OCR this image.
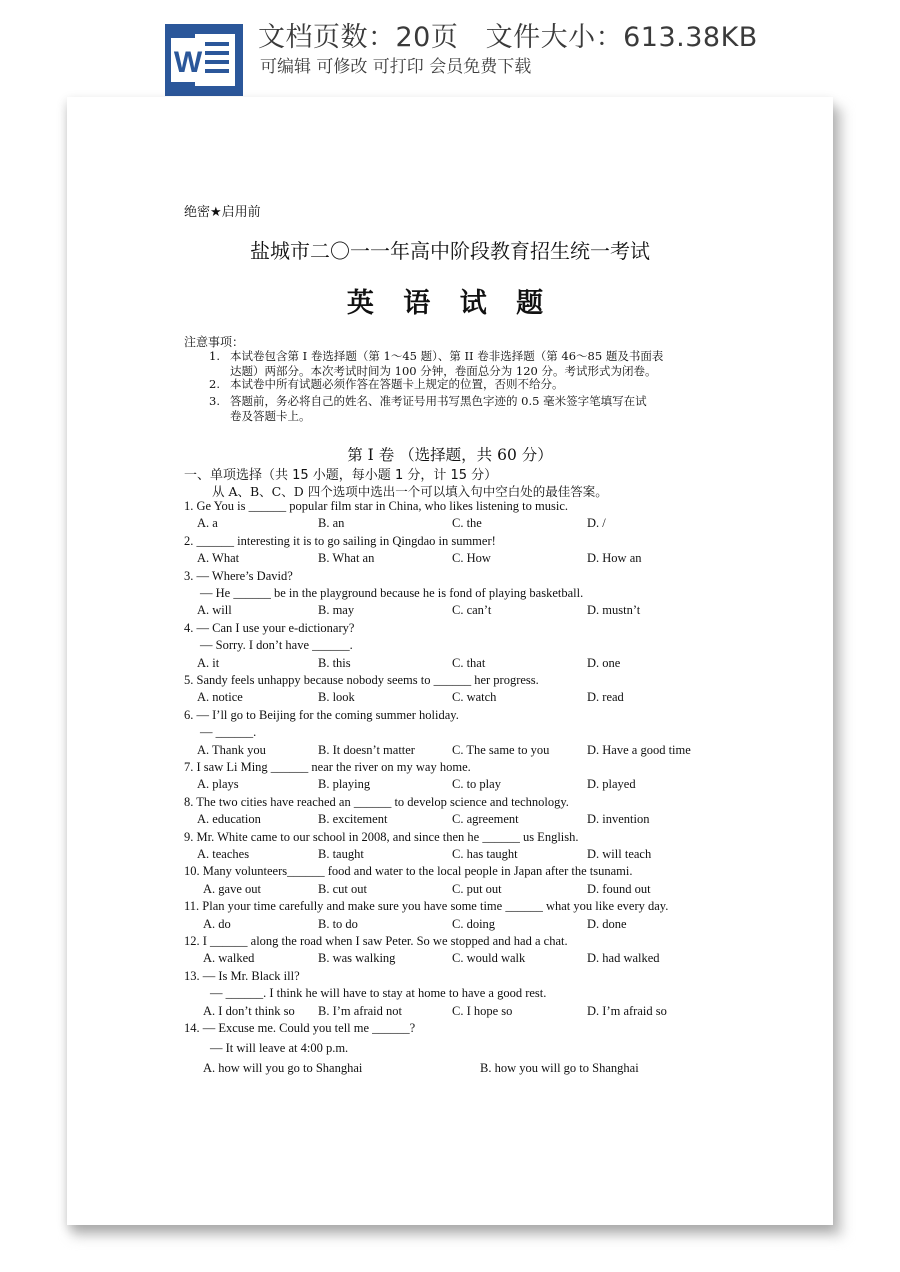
W
文档页数：20页   文件大小：613.38KB
可编辑 可修改 可打印 会员免费下载
绝密★启用前
盐城市二〇一一年高中阶段教育招生统一考试
英 语 试 题
注意事项：
1. 本试卷包含第 I 卷选择题（第 1～45 题）、第 II 卷非选择题（第 46～85 题及书面表
达题）两部分。本次考试时间为 100 分钟，卷面总分为 120 分。考试形式为闭卷。
2. 本试卷中所有试题必须作答在答题卡上规定的位置，否则不给分。
3. 答题前，务必将自己的姓名、准考证号用书写黑色字迹的 0.5 毫米签字笔填写在试
卷及答题卡上。
第 I 卷 （选择题，共 60 分）
一、单项选择（共 15 小题，每小题 1 分，计 15 分）
从 A、B、C、D 四个选项中选出一个可以填入句中空白处的最佳答案。
1. Ge You is ______ popular film star in China, who likes listening to music.
A. a	B. an	C. the	D. /
2. ______ interesting it is to go sailing in Qingdao in summer!
A. What	B. What an	C. How	D. How an
3. — Where’s David?
— He ______ be in the playground because he is fond of playing basketball.
A. will	B. may	C. can’t	D. mustn’t
4. — Can I use your e-dictionary?
— Sorry. I don’t have ______.
A. it	B. this	C. that	D. one
5. Sandy feels unhappy because nobody seems to ______ her progress.
A. notice	B. look	C. watch	D. read
6. — I’ll go to Beijing for the coming summer holiday.
— ______.
A. Thank you	B. It doesn’t matter	C. The same to you	D. Have a good time
7. I saw Li Ming ______ near the river on my way home.
A. plays	B. playing	C. to play	D. played
8. The two cities have reached an ______ to develop science and technology.
A. education	B. excitement	C. agreement	D. invention
9. Mr. White came to our school in 2008, and since then he ______ us English.
A. teaches	B. taught	C. has taught	D. will teach
10. Many volunteers______ food and water to the local people in Japan after the tsunami.
A. gave out	B. cut out	C. put out	D. found out
11. Plan your time carefully and make sure you have some time ______ what you like every day.
A. do	B. to do	C. doing	D. done
12. I ______ along the road when I saw Peter. So we stopped and had a chat.
A. walked	B. was walking	C. would walk	D. had walked
13. — Is Mr. Black ill?
— ______. I think he will have to stay at home to have a good rest.
A. I don’t think so B. I’m afraid not	C. I hope so	D. I’m afraid so
14. — Excuse me. Could you tell me ______?
— It will leave at 4:00 p.m.
A. how will you go to Shanghai	B. how you will go to Shanghai
